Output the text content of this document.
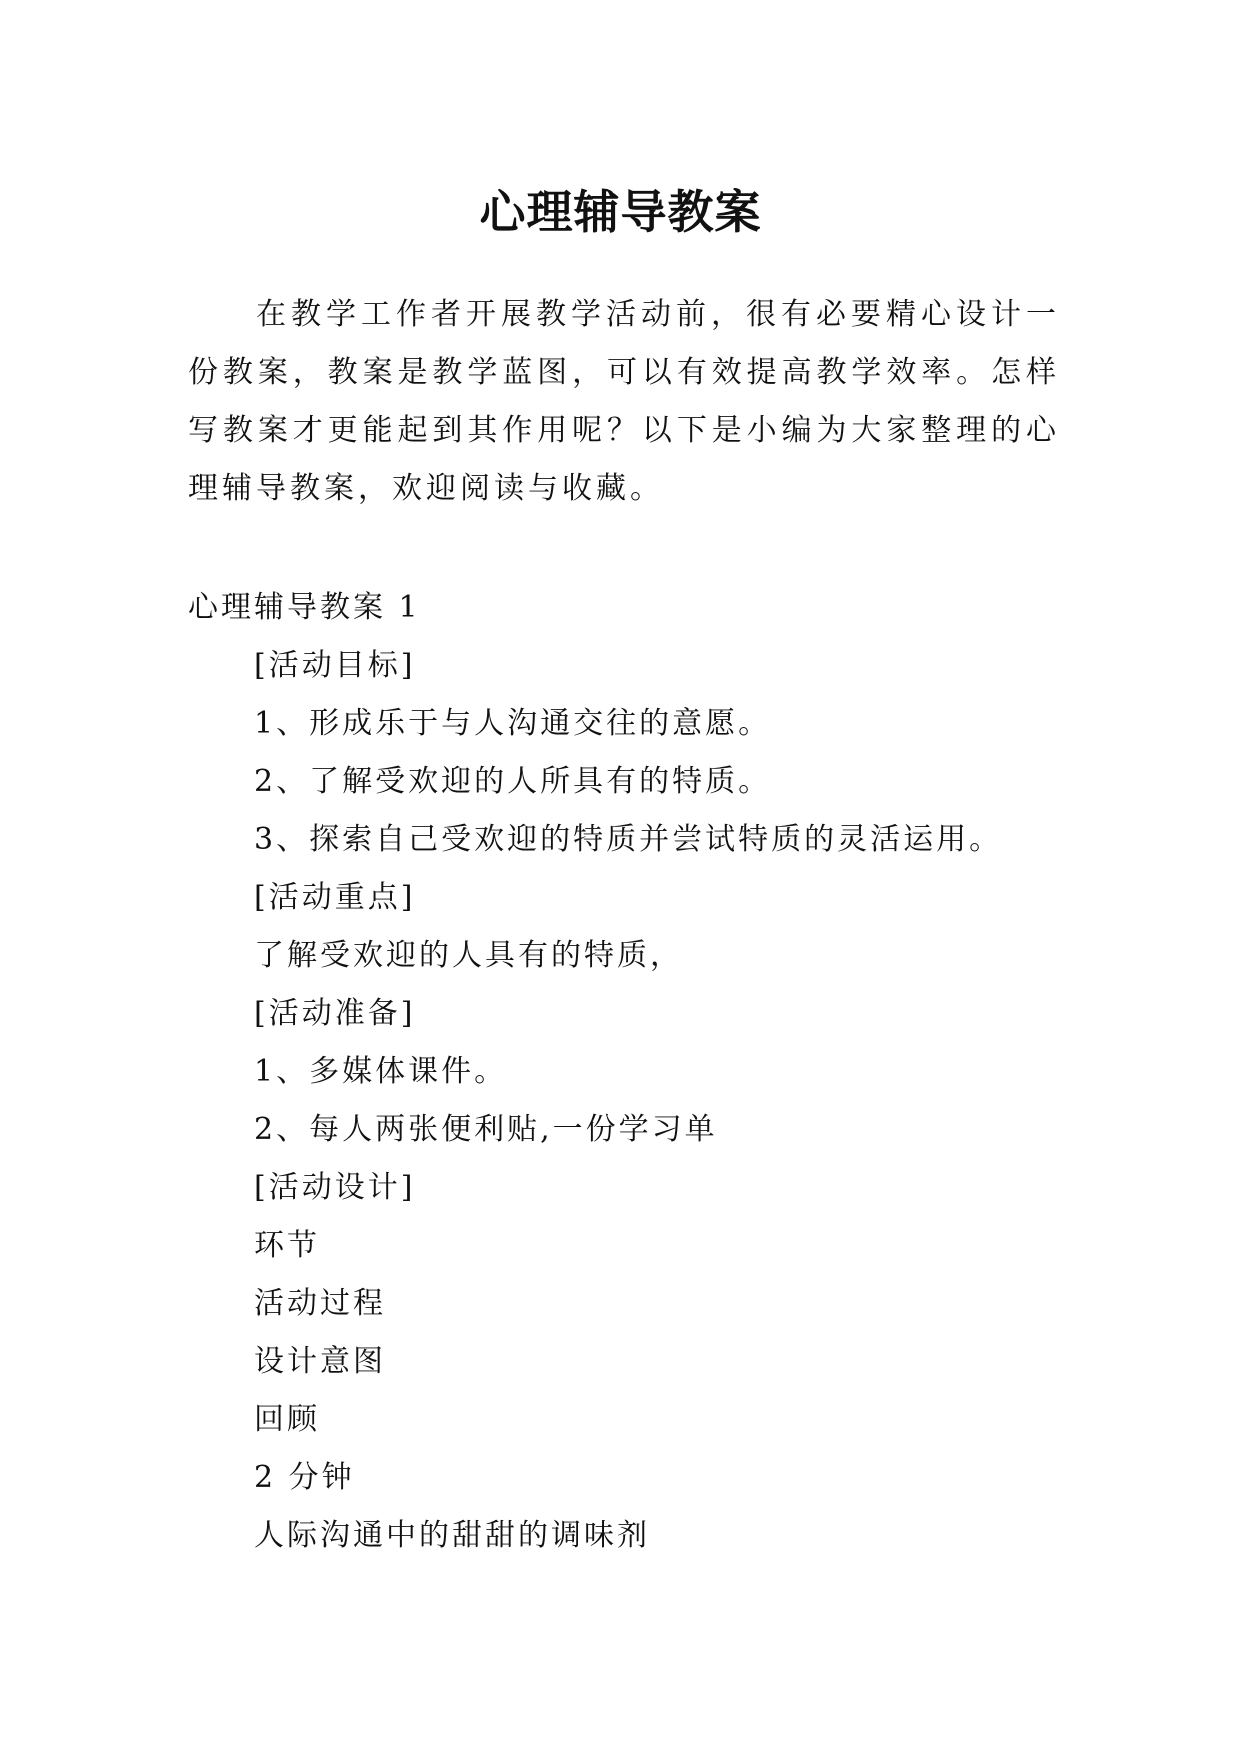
心理辅导教案

在教学工作者开展教学活动前，很有必要精心设计一份教案，教案是教学蓝图，可以有效提高教学效率。怎样写教案才更能起到其作用呢？以下是小编为大家整理的心理辅导教案，欢迎阅读与收藏。

心理辅导教案 1
[活动目标]
1、形成乐于与人沟通交往的意愿。
2、了解受欢迎的人所具有的特质。
3、探索自己受欢迎的特质并尝试特质的灵活运用。
[活动重点]
了解受欢迎的人具有的特质，
[活动准备]
1、多媒体课件。
2、每人两张便利贴,一份学习单
[活动设计]
环节
活动过程
设计意图
回顾
2 分钟
人际沟通中的甜甜的调味剂
